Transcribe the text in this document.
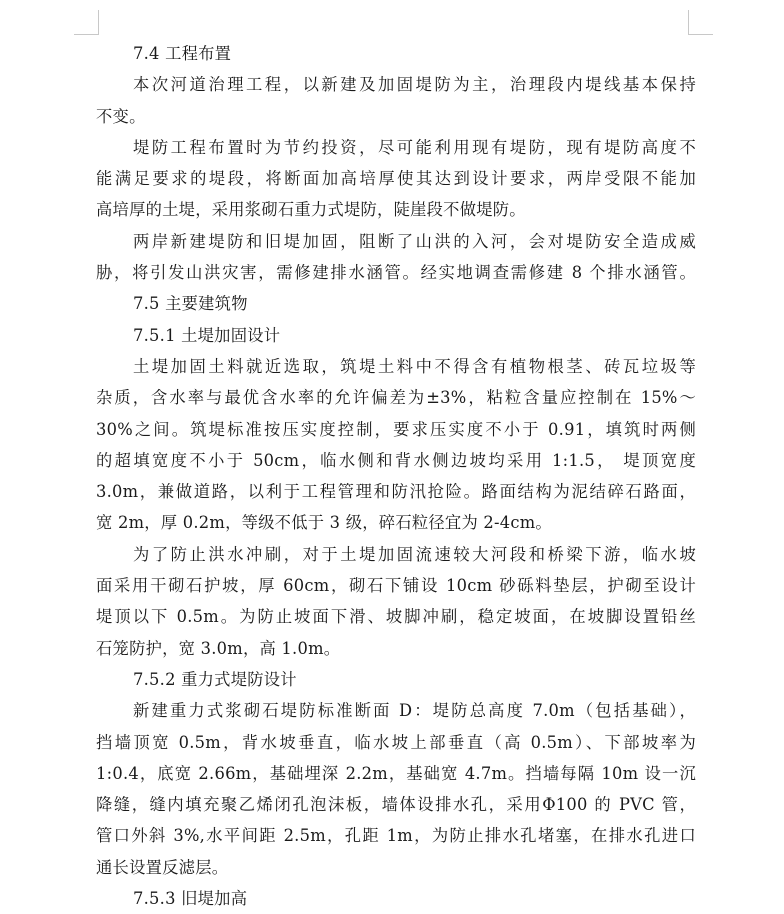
7.4 工程布置
本次河道治理工程，以新建及加固堤防为主，治理段内堤线基本保持
不变。
堤防工程布置时为节约投资，尽可能利用现有堤防，现有堤防高度不
能满足要求的堤段，将断面加高培厚使其达到设计要求，两岸受限不能加
高培厚的土堤，采用浆砌石重力式堤防，陡崖段不做堤防。
两岸新建堤防和旧堤加固，阻断了山洪的入河，会对堤防安全造成威
胁，将引发山洪灾害，需修建排水涵管。经实地调查需修建 8 个排水涵管。
7.5 主要建筑物
7.5.1 土堤加固设计
土堤加固土料就近选取，筑堤土料中不得含有植物根茎、砖瓦垃圾等
杂质，含水率与最优含水率的允许偏差为±3%，粘粒含量应控制在 15%～
30%之间。筑堤标准按压实度控制，要求压实度不小于 0.91，填筑时两侧
的超填宽度不小于 50cm，临水侧和背水侧边坡均采用 1:1.5， 堤顶宽度
3.0m，兼做道路，以利于工程管理和防汛抢险。路面结构为泥结碎石路面，
宽 2m，厚 0.2m，等级不低于 3 级，碎石粒径宜为 2-4cm。
为了防止洪水冲刷，对于土堤加固流速较大河段和桥梁下游，临水坡
面采用干砌石护坡，厚 60cm，砌石下铺设 10cm 砂砾料垫层，护砌至设计
堤顶以下 0.5m。为防止坡面下滑、坡脚冲刷，稳定坡面，在坡脚设置铅丝
石笼防护，宽 3.0m，高 1.0m。
7.5.2 重力式堤防设计
新建重力式浆砌石堤防标准断面 D：堤防总高度 7.0m（包括基础），
挡墙顶宽 0.5m，背水坡垂直，临水坡上部垂直（高 0.5m）、下部坡率为
1:0.4，底宽 2.66m，基础埋深 2.2m，基础宽 4.7m。挡墙每隔 10m 设一沉
降缝，缝内填充聚乙烯闭孔泡沫板，墙体设排水孔，采用Φ100 的 PVC 管，
管口外斜 3%,水平间距 2.5m，孔距 1m，为防止排水孔堵塞，在排水孔进口
通长设置反滤层。
7.5.3 旧堤加高
